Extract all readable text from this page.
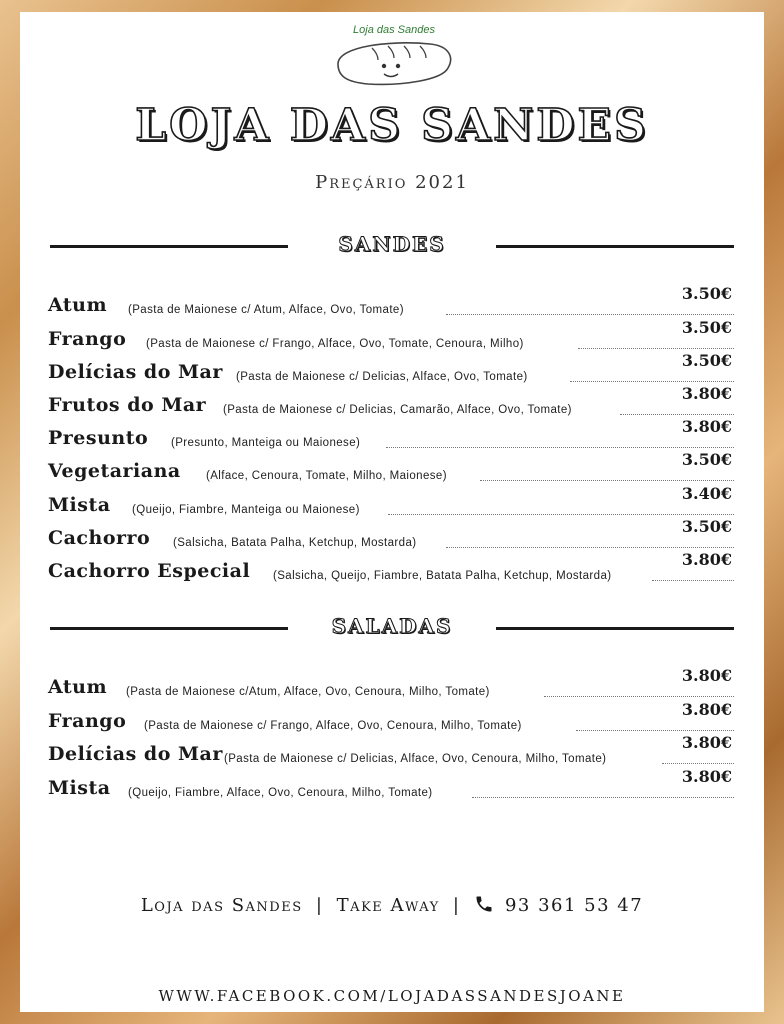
Loja das Sandes
LOJA DAS SANDES
Preçário 2021
SANDES
Atum (Pasta de Maionese c/ Atum, Alface, Ovo, Tomate)
3.50€
Frango (Pasta de Maionese c/ Frango, Alface, Ovo, Tomate, Cenoura, Milho)
3.50€
Delícias do Mar (Pasta de Maionese c/ Delicias, Alface, Ovo, Tomate)
3.50€
Frutos do Mar (Pasta de Maionese c/ Delicias, Camarão, Alface, Ovo, Tomate)
3.80€
Presunto (Presunto, Manteiga ou Maionese)
3.80€
Vegetariana (Alface, Cenoura, Tomate, Milho, Maionese)
3.50€
Mista (Queijo, Fiambre, Manteiga ou Maionese)
3.40€
Cachorro (Salsicha, Batata Palha, Ketchup, Mostarda)
3.50€
Cachorro Especial (Salsicha, Queijo, Fiambre, Batata Palha, Ketchup, Mostarda)
3.80€
SALADAS
Atum (Pasta de Maionese c/Atum, Alface, Ovo, Cenoura, Milho, Tomate)
3.80€
Frango (Pasta de Maionese c/ Frango, Alface, Ovo, Cenoura, Milho, Tomate)
3.80€
Delícias do Mar (Pasta de Maionese c/ Delicias, Alface, Ovo, Cenoura, Milho, Tomate)
3.80€
Mista (Queijo, Fiambre, Alface, Ovo, Cenoura, Milho, Tomate)
3.80€
Loja das Sandes | Take Away | 93 361 53 47
WWW.FACEBOOK.COM/LOJADASSANDESJOANE
